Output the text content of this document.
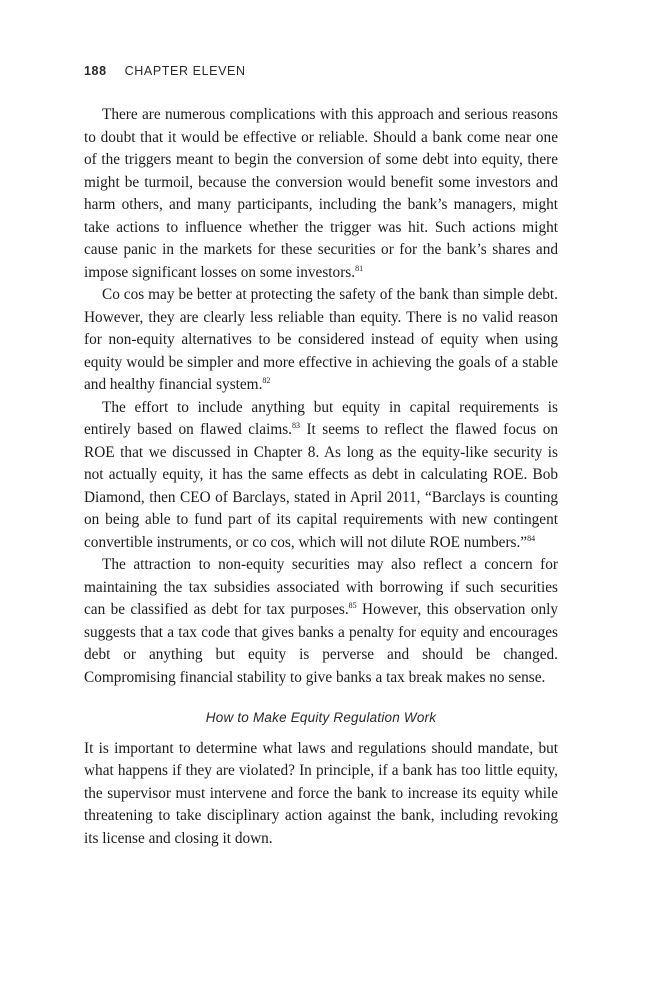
188 CHAPTER ELEVEN

There are numerous complications with this approach and serious reasons to doubt that it would be effective or reliable. Should a bank come near one of the triggers meant to begin the conversion of some debt into equity, there might be turmoil, because the conversion would benefit some investors and harm others, and many participants, including the bank’s managers, might take actions to influence whether the trigger was hit. Such actions might cause panic in the markets for these securities or for the bank’s shares and impose significant losses on some investors.$^{81}$

Co cos may be better at protecting the safety of the bank than simple debt. However, they are clearly less reliable than equity. There is no valid reason for non-equity alternatives to be considered instead of equity when using equity would be simpler and more effective in achieving the goals of a stable and healthy financial system.$^{82}$

The effort to include anything but equity in capital requirements is entirely based on flawed claims.$^{83}$ It seems to reflect the flawed focus on ROE that we discussed in Chapter 8. As long as the equity-like security is not actually equity, it has the same effects as debt in calculating ROE. Bob Diamond, then CEO of Barclays, stated in April 2011, “Barclays is counting on being able to fund part of its capital requirements with new contingent convertible instruments, or co cos, which will not dilute ROE numbers.”$^{84}$

The attraction to non-equity securities may also reflect a concern for maintaining the tax subsidies associated with borrowing if such securities can be classified as debt for tax purposes.$^{85}$ However, this observation only suggests that a tax code that gives banks a penalty for equity and encourages debt or anything but equity is perverse and should be changed. Compromising financial stability to give banks a tax break makes no sense.

How to Make Equity Regulation Work

It is important to determine what laws and regulations should mandate, but what happens if they are violated? In principle, if a bank has too little equity, the supervisor must intervene and force the bank to increase its equity while threatening to take disciplinary action against the bank, including revoking its license and closing it down.
